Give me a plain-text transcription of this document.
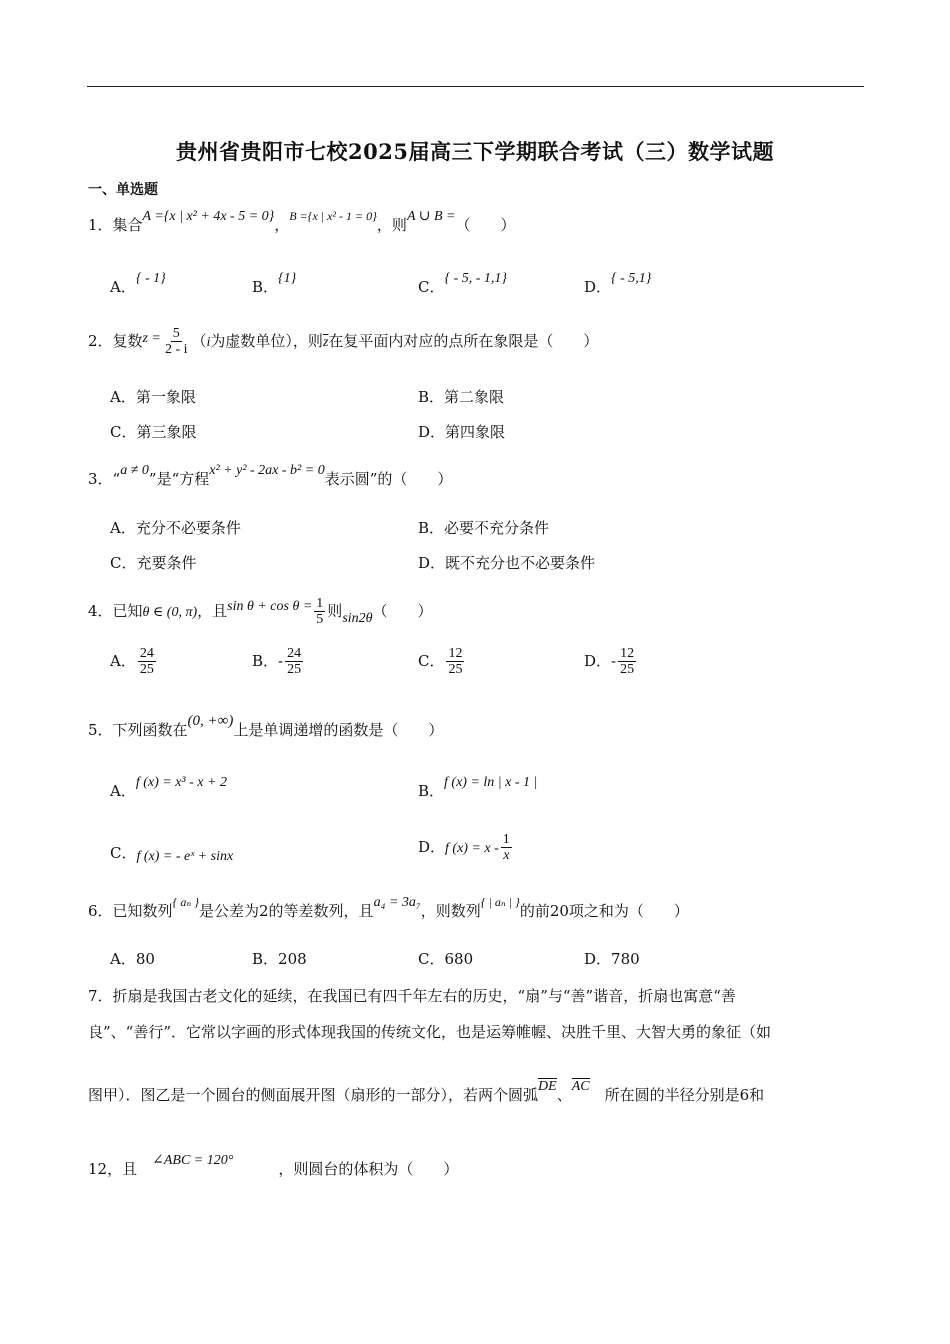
贵州省贵阳市七校2025届高三下学期联合考试（三）数学试题
一、单选题
1．集合A ={x | x² + 4x - 5 = 0}，$^{B =\{x | x^2 - 1 = 0\}}$，则A ∪ B =（　　）
A．{ - 1}	B．{1}	C．{ - 5, - 1,1}	D．{ - 5,1}
2．复数$z = \frac{5}{2 - i} (i$为虚数单位），则$\overline{z}$在复平面内对应的点所在象限是（　　）
A．第一象限	B．第二象限
C．第三象限	D．第四象限
3．“a ≠ 0”是“方程x² + y² - 2ax - b² = 0表示圆”的（　　）
A．充分不必要条件	B．必要不充分条件
C．充要条件	D．既不充分也不必要条件
4．已知θ ∈ (0, π)，且$\sin \theta + \cos \theta = \frac{1}{5}$ 则sin2θ（　　）
A． $\frac{24}{25}$	B．- $\frac{24}{25}$	C． $\frac{12}{25}$	D．- $\frac{12}{25}$
5．下列函数在(0, +∞)上是单调递增的函数是（　　）
A．f (x) = x³ - x + 2	B．f (x) = ln | x - 1 |
C．f (x) = - eˣ + sinx
D．f $(x) = x - \frac{1}{x}$
6．已知数列$^{\{ a_n \}}$是公差为2的等差数列，且a₄ = 3a₇，则数列$^{\{ | a_n | \}}$的前20项之和为（　　）
A．80	B．208	C．680	D．780
7．折扇是我国古老文化的延续，在我国已有四千年左右的历史，“扇”与“善”谐音，折扇也寓意“善
良”、“善行”．它常以字画的形式体现我国的传统文化，也是运筹帷幄、决胜千里、大智大勇的象征（如
图甲）．图乙是一个圆台的侧面展开图（扇形的一部分），若两个圆弧DE、AC　 所在圆的半径分别是6和
12，且　 ∠ABC = 120°　　　	，则圆台的体积为（　　）
